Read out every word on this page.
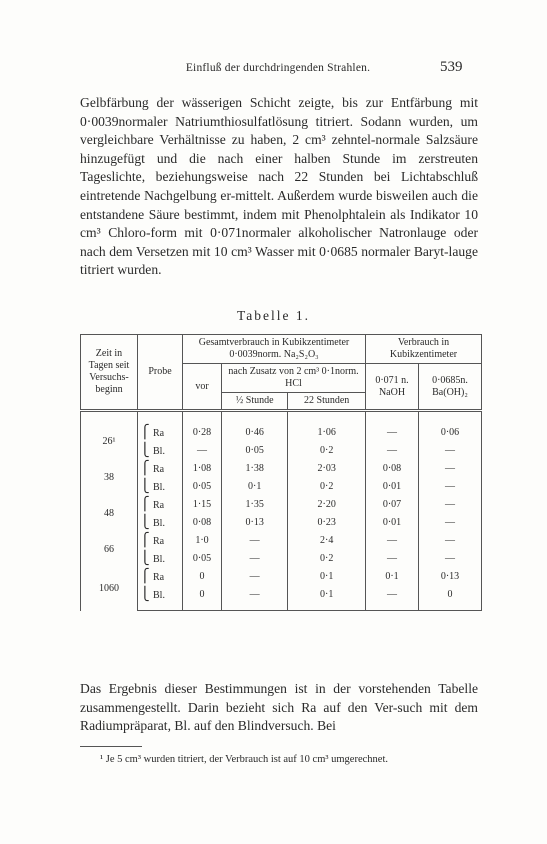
Einfluß der durchdringenden Strahlen.	539
Gelbfärbung der wässerigen Schicht zeigte, bis zur Entfärbung mit 0·0039normaler Natriumthiosulfatlösung titriert. Sodann wurden, um vergleichbare Verhältnisse zu haben, 2 cm³ zehntel-normale Salzsäure hinzugefügt und die nach einer halben Stunde im zerstreuten Tageslichte, beziehungsweise nach 22 Stunden bei Lichtabschluß eintretende Nachgelbung er-mittelt. Außerdem wurde bisweilen auch die entstandene Säure bestimmt, indem mit Phenolphtalein als Indikator 10 cm³ Chloro-form mit 0·071normaler alkoholischer Natronlauge oder nach dem Versetzen mit 10 cm³ Wasser mit 0·0685 normaler Baryt-lauge titriert wurden.
Tabelle 1.
Zeit in Tagen seit Versuchs-beginn	Probe	Gesamtverbrauch in Kubikzentimeter 0·0039norm. Na₂S₂O₃			Verbrauch in Kubikzentimeter	
		vor	nach Zusatz von 2 cm³ 0·1norm. HCl		0·071 n. NaOH	0·0685n. Ba(OH)₂
			½ Stunde	22 Stunden		
26¹	⎧ Ra	0·28	0·46	1·06	—	0·06
	⎩ Bl.	—	0·05	0·2	—	—
38	⎧ Ra	1·08	1·38	2·03	0·08	—
	⎩ Bl.	0·05	0·1	0·2	0·01	—
48	⎧ Ra	1·15	1·35	2·20	0·07	—
	⎩ Bl.	0·08	0·13	0·23	0·01	—
66	⎧ Ra	1·0	—	2·4	—	—
	⎩ Bl.	0·05	—	0·2	—	—
1060	⎧ Ra	0	—	0·1	0·1	0·13
	⎩ Bl.	0	—	0·1	—	0
Das Ergebnis dieser Bestimmungen ist in der vorstehenden Tabelle zusammengestellt. Darin bezieht sich Ra auf den Ver-such mit dem Radiumpräparat, Bl. auf den Blindversuch. Bei
¹ Je 5 cm³ wurden titriert, der Verbrauch ist auf 10 cm³ umgerechnet.
